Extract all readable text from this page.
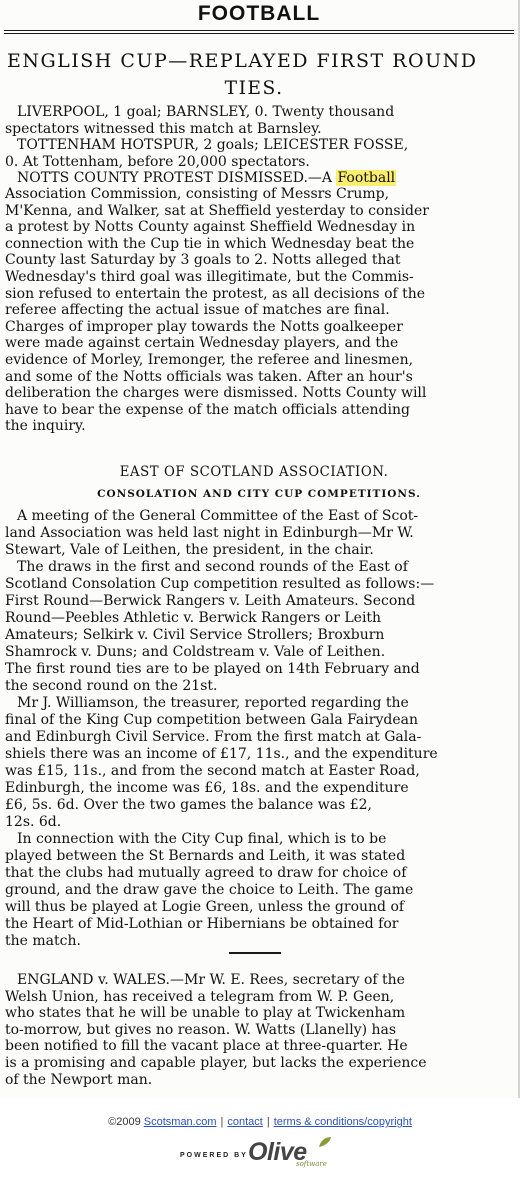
FOOTBALL
ENGLISH CUP—REPLAYED FIRST ROUND
TIES.
LIVERPOOL, 1 goal; BARNSLEY, 0. Twenty thousand
spectators witnessed this match at Barnsley.
TOTTENHAM HOTSPUR, 2 goals; LEICESTER FOSSE,
0. At Tottenham, before 20,000 spectators.
NOTTS COUNTY PROTEST DISMISSED.—A Football
Association Commission, consisting of Messrs Crump,
M'Kenna, and Walker, sat at Sheffield yesterday to consider
a protest by Notts County against Sheffield Wednesday in
connection with the Cup tie in which Wednesday beat the
County last Saturday by 3 goals to 2. Notts alleged that
Wednesday's third goal was illegitimate, but the Commis-
sion refused to entertain the protest, as all decisions of the
referee affecting the actual issue of matches are final.
Charges of improper play towards the Notts goalkeeper
were made against certain Wednesday players, and the
evidence of Morley, Iremonger, the referee and linesmen,
and some of the Notts officials was taken. After an hour's
deliberation the charges were dismissed. Notts County will
have to bear the expense of the match officials attending
the inquiry.
EAST OF SCOTLAND ASSOCIATION.
CONSOLATION AND CITY CUP COMPETITIONS.
A meeting of the General Committee of the East of Scot-
land Association was held last night in Edinburgh—Mr W.
Stewart, Vale of Leithen, the president, in the chair.
The draws in the first and second rounds of the East of
Scotland Consolation Cup competition resulted as follows:—
First Round—Berwick Rangers v. Leith Amateurs. Second
Round—Peebles Athletic v. Berwick Rangers or Leith
Amateurs; Selkirk v. Civil Service Strollers; Broxburn
Shamrock v. Duns; and Coldstream v. Vale of Leithen.
The first round ties are to be played on 14th February and
the second round on the 21st.
Mr J. Williamson, the treasurer, reported regarding the
final of the King Cup competition between Gala Fairydean
and Edinburgh Civil Service. From the first match at Gala-
shiels there was an income of £17, 11s., and the expenditure
was £15, 11s., and from the second match at Easter Road,
Edinburgh, the income was £6, 18s. and the expenditure
£6, 5s. 6d. Over the two games the balance was £2,
12s. 6d.
In connection with the City Cup final, which is to be
played between the St Bernards and Leith, it was stated
that the clubs had mutually agreed to draw for choice of
ground, and the draw gave the choice to Leith. The game
will thus be played at Logie Green, unless the ground of
the Heart of Mid-Lothian or Hibernians be obtained for
the match.
ENGLAND v. WALES.—Mr W. E. Rees, secretary of the
Welsh Union, has received a telegram from W. P. Geen,
who states that he will be unable to play at Twickenham
to-morrow, but gives no reason. W. Watts (Llanelly) has
been notified to fill the vacant place at three-quarter. He
is a promising and capable player, but lacks the experience
of the Newport man.
©2009 Scotsman.com | contact | terms & conditions/copyright
POWERED BY Olive
software
